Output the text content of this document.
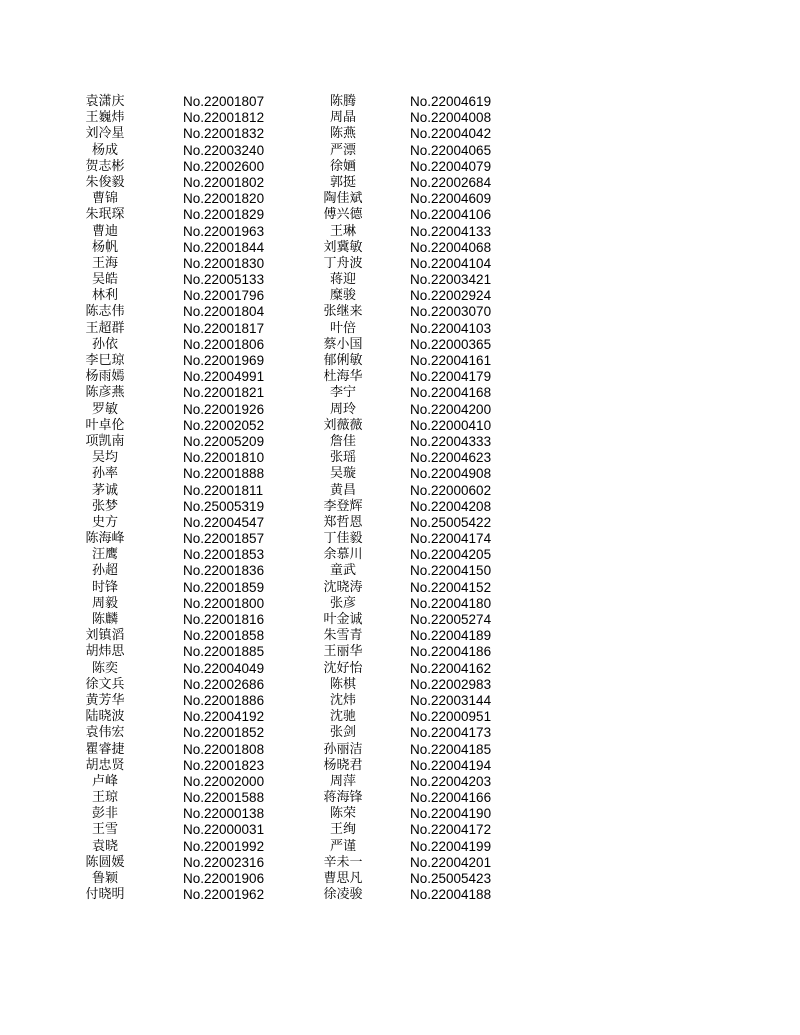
袁潇庆	No.22001807	陈腾	No.22004619
王巍炜	No.22001812	周晶	No.22004008
刘冷星	No.22001832	陈燕	No.22004042
杨成	No.22003240	严漂	No.22004065
贺志彬	No.22002600	徐婳	No.22004079
朱俊毅	No.22001802	郭挺	No.22002684
曹锦	No.22001820	陶佳斌	No.22004609
朱珉琛	No.22001829	傅兴德	No.22004106
曹迪	No.22001963	王琳	No.22004133
杨帆	No.22001844	刘冀敏	No.22004068
王海	No.22001830	丁舟波	No.22004104
吴皓	No.22005133	蒋迎	No.22003421
林利	No.22001796	糜骏	No.22002924
陈志伟	No.22001804	张继来	No.22003070
王超群	No.22001817	叶倍	No.22004103
孙依	No.22001806	蔡小国	No.22000365
李巳琼	No.22001969	郁俐敏	No.22004161
杨雨嫣	No.22004991	杜海华	No.22004179
陈彦燕	No.22001821	李宁	No.22004168
罗敏	No.22001926	周玲	No.22004200
叶卓伦	No.22002052	刘薇薇	No.22000410
项凯南	No.22005209	詹佳	No.22004333
吴均	No.22001810	张瑶	No.22004623
孙率	No.22001888	吴璇	No.22004908
茅诚	No.22001811	黄昌	No.22000602
张梦	No.25005319	李登辉	No.22004208
史方	No.22004547	郑哲恩	No.25005422
陈海峰	No.22001857	丁佳毅	No.22004174
汪鹰	No.22001853	余慕川	No.22004205
孙超	No.22001836	童武	No.22004150
时锋	No.22001859	沈晓涛	No.22004152
周毅	No.22001800	张彦	No.22004180
陈麟	No.22001816	叶金诚	No.22005274
刘镇滔	No.22001858	朱雪青	No.22004189
胡炜思	No.22001885	王丽华	No.22004186
陈奕	No.22004049	沈好怡	No.22004162
徐文兵	No.22002686	陈棋	No.22002983
黄芳华	No.22001886	沈炜	No.22003144
陆晓波	No.22004192	沈驰	No.22000951
袁伟宏	No.22001852	张剑	No.22004173
瞿睿捷	No.22001808	孙丽洁	No.22004185
胡忠贤	No.22001823	杨晓君	No.22004194
卢峰	No.22002000	周萍	No.22004203
王琼	No.22001588	蒋海锋	No.22004166
彭非	No.22000138	陈荣	No.22004190
王雪	No.22000031	王绚	No.22004172
袁晓	No.22001992	严谨	No.22004199
陈圆媛	No.22002316	辛未一	No.22004201
鲁颖	No.22001906	曹思凡	No.25005423
付晓明	No.22001962	徐凌骏	No.22004188
